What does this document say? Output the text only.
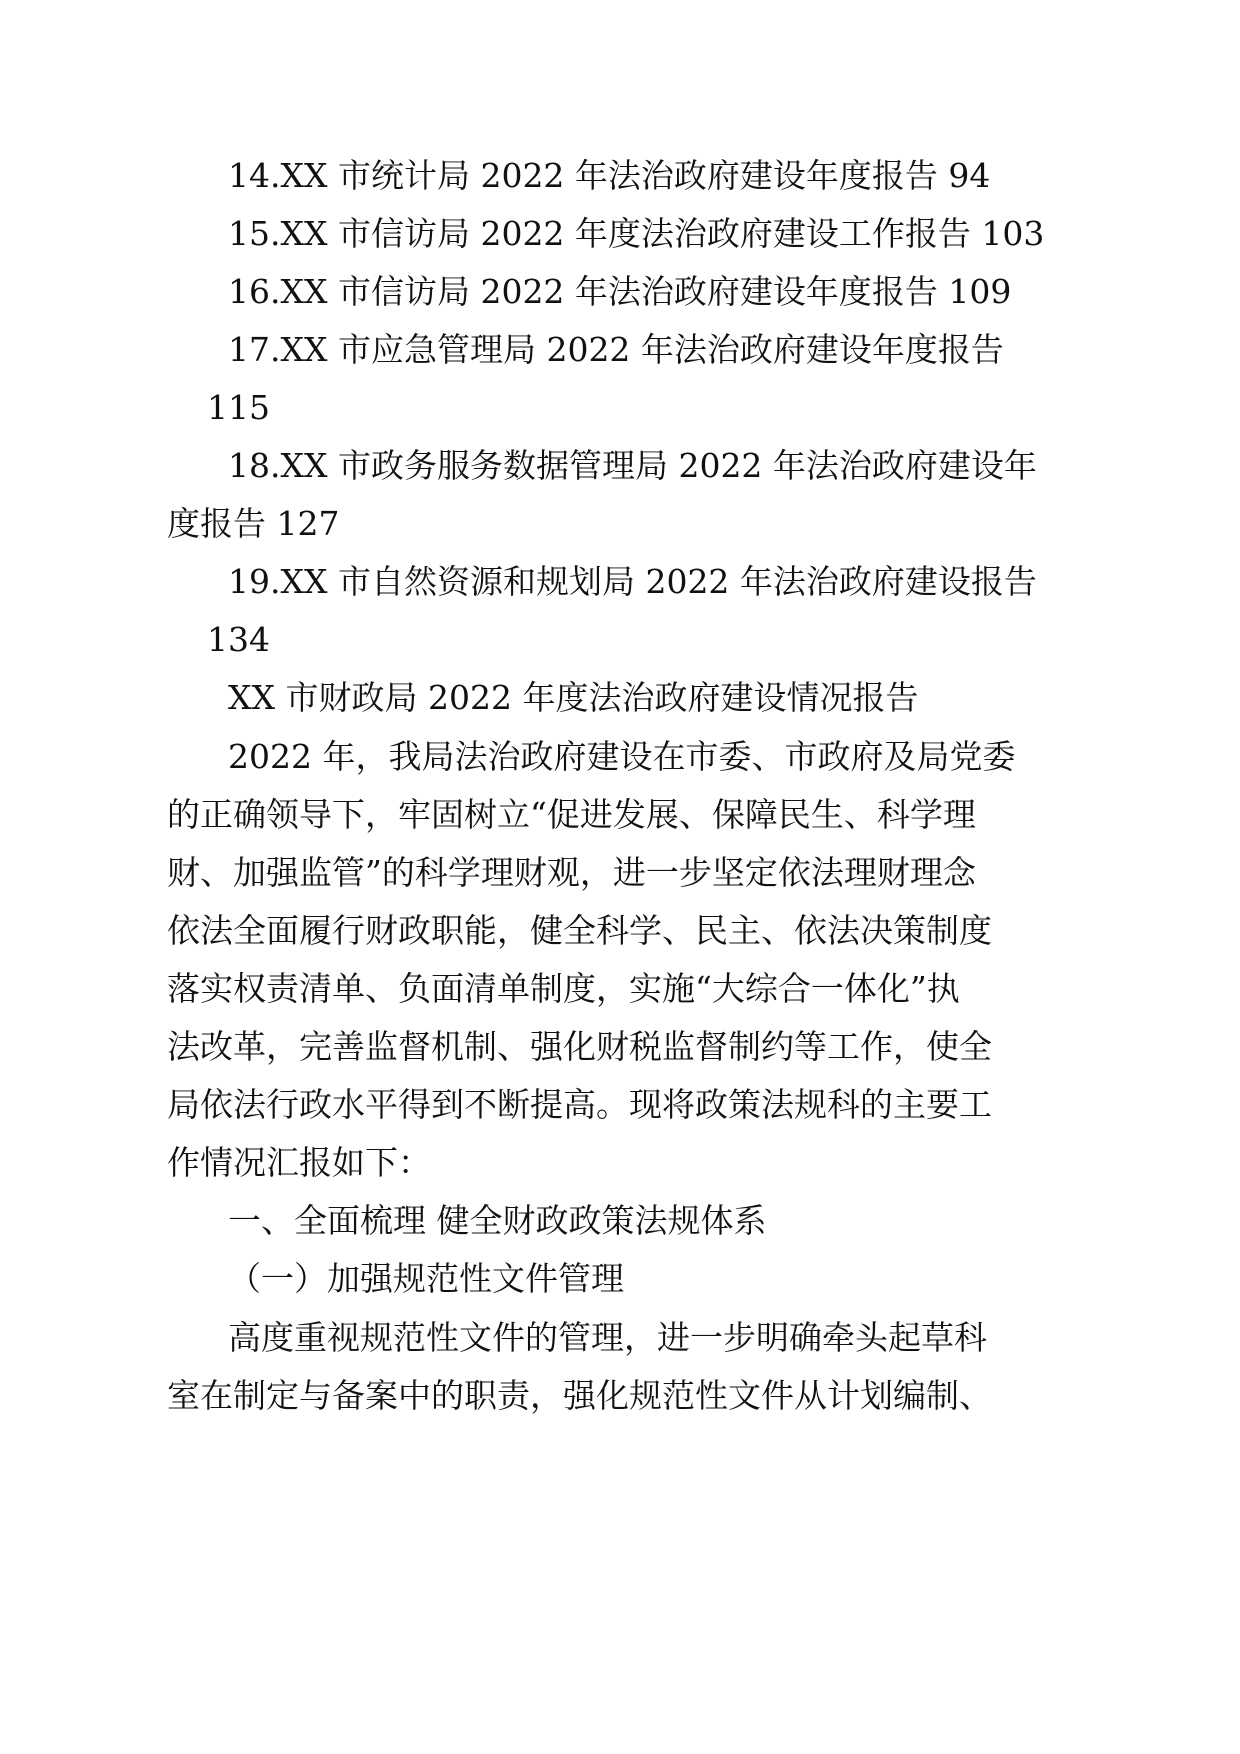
14.XX 市统计局 2022 年法治政府建设年度报告 94
15.XX 市信访局 2022 年度法治政府建设工作报告 103
16.XX 市信访局 2022 年法治政府建设年度报告 109
17.XX 市应急管理局 2022 年法治政府建设年度报告
115
18.XX 市政务服务数据管理局 2022 年法治政府建设年
度报告 127
19.XX 市自然资源和规划局 2022 年法治政府建设报告
134
XX 市财政局 2022 年度法治政府建设情况报告
2022 年，我局法治政府建设在市委、市政府及局党委
的正确领导下，牢固树立“促进发展、保障民生、科学理
财、加强监管”的科学理财观，进一步坚定依法理财理念
依法全面履行财政职能，健全科学、民主、依法决策制度
落实权责清单、负面清单制度，实施“大综合一体化”执
法改革，完善监督机制、强化财税监督制约等工作，使全
局依法行政水平得到不断提高。现将政策法规科的主要工
作情况汇报如下：
一、全面梳理 健全财政政策法规体系
（一）加强规范性文件管理
高度重视规范性文件的管理，进一步明确牵头起草科
室在制定与备案中的职责，强化规范性文件从计划编制、
